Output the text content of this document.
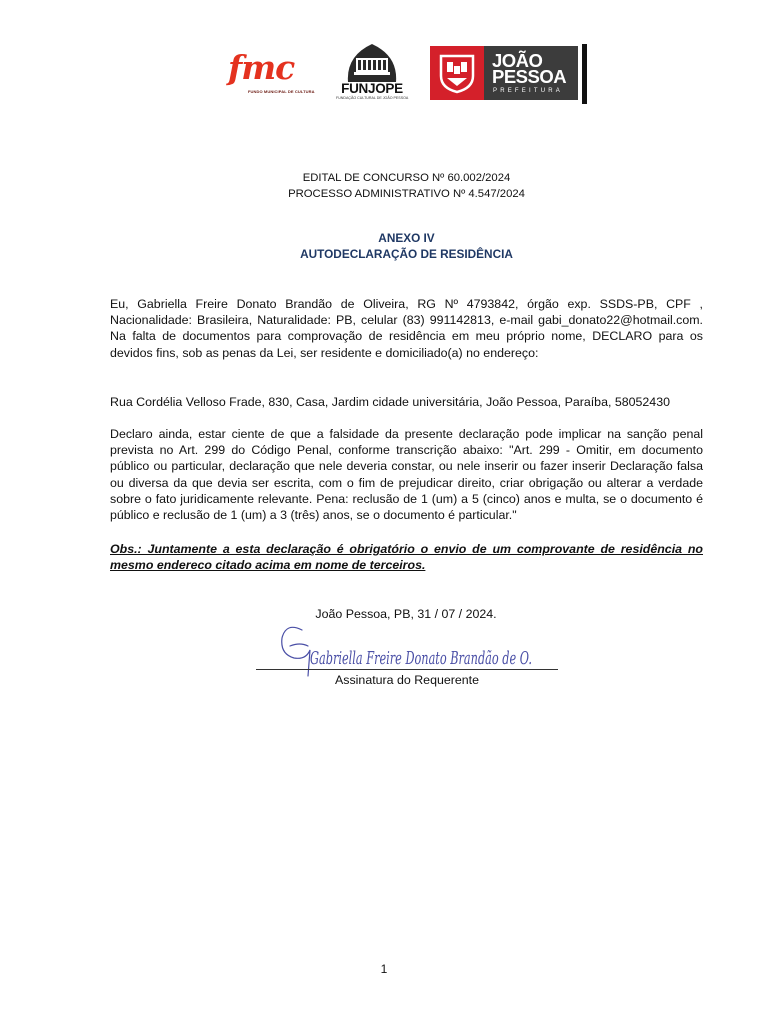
fmc
FUNDO MUNICIPAL DE CULTURA	FUNJOPE
FUNDAÇÃO CULTURAL DE JOÃO PESSOA
JOÃO
PESSOA
PREFEITURA
EDITAL DE CONCURSO Nº 60.002/2024
PROCESSO ADMINISTRATIVO Nº 4.547/2024
ANEXO IV
AUTODECLARAÇÃO DE RESIDÊNCIA
Eu, Gabriella Freire Donato Brandão de Oliveira, RG Nº 4793842, órgão exp. SSDS-PB, CPF , Nacionalidade: Brasileira, Naturalidade: PB, celular (83) 991142813, e-mail gabi_donato22@hotmail.com. Na falta de documentos para comprovação de residência em meu próprio nome, DECLARO para os devidos fins, sob as penas da Lei, ser residente e domiciliado(a) no endereço:
Rua Cordélia Velloso Frade, 830, Casa, Jardim cidade universitária, João Pessoa, Paraíba, 58052430
Declaro ainda, estar ciente de que a falsidade da presente declaração pode implicar na sanção penal prevista no Art. 299 do Código Penal, conforme transcrição abaixo: "Art. 299 - Omitir, em documento público ou particular, declaração que nele deveria constar, ou nele inserir ou fazer inserir Declaração falsa ou diversa da que devia ser escrita, com o fim de prejudicar direito, criar obrigação ou alterar a verdade sobre o fato juridicamente relevante. Pena: reclusão de 1 (um) a 5 (cinco) anos e multa, se o documento é público e reclusão de 1 (um) a 3 (três) anos, se o documento é particular."
Obs.: Juntamente a esta declaração é obrigatório o envio de um comprovante de residência no mesmo endereco citado acima em nome de terceiros.
João Pessoa, PB, 31 / 07 / 2024.
Gabriella Freire Donato Brandão de O.
Assinatura do Requerente
1
